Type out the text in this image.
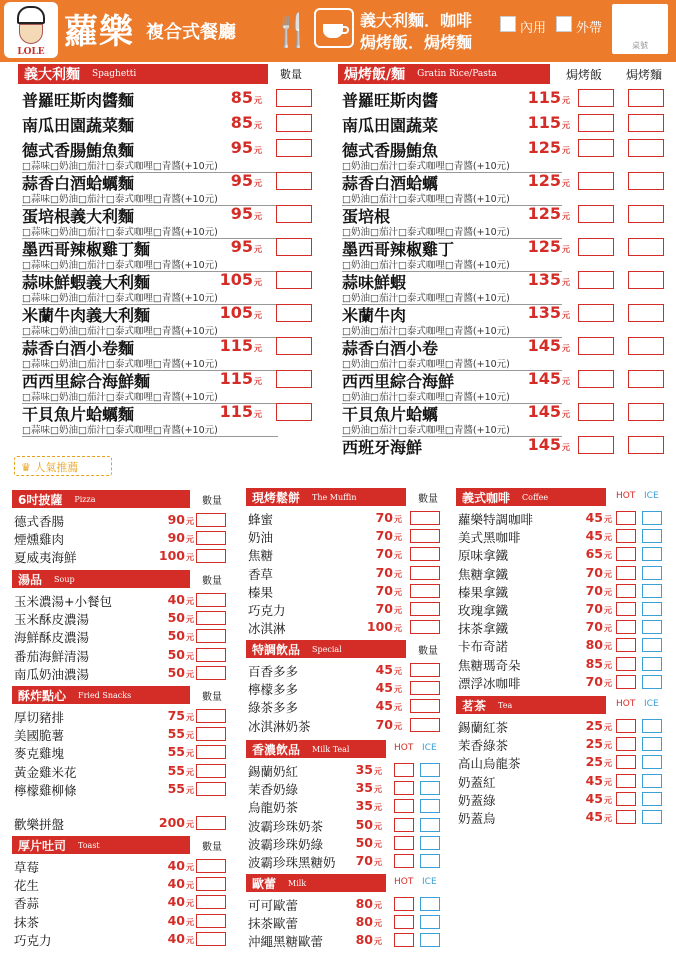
LOLE 蘿樂 複合式餐廳 🍴	義大利麵．咖啡
焗烤飯．焗烤麵
內用 外帶
桌號
義大利麵 Spaghetti	數量
普羅旺斯肉醬麵	85元
南瓜田園蔬菜麵	85元
德式香腸鮪魚麵	95元
□蒜味□奶油□茄汁□泰式咖哩□青醬(+10元)
蒜香白酒蛤蠣麵	95元
□蒜味□奶油□茄汁□泰式咖哩□青醬(+10元)
蛋培根義大利麵	95元
□蒜味□奶油□茄汁□泰式咖哩□青醬(+10元)
墨西哥辣椒雞丁麵	95元
□蒜味□奶油□茄汁□泰式咖哩□青醬(+10元)
蒜味鮮蝦義大利麵	105元
□蒜味□奶油□茄汁□泰式咖哩□青醬(+10元)
米蘭牛肉義大利麵	105元
□蒜味□奶油□茄汁□泰式咖哩□青醬(+10元)
蒜香白酒小卷麵	115元
□蒜味□奶油□茄汁□泰式咖哩□青醬(+10元)
西西里綜合海鮮麵	115元
□蒜味□奶油□茄汁□泰式咖哩□青醬(+10元)
干貝魚片蛤蠣麵	115元
□蒜味□奶油□茄汁□泰式咖哩□青醬(+10元)
焗烤飯/麵 Gratin Rice/Pasta	焗烤飯 焗烤麵
普羅旺斯肉醬	115元
南瓜田園蔬菜	115元
德式香腸鮪魚	125元
□奶油□茄汁□泰式咖哩□青醬(+10元)
蒜香白酒蛤蠣	125元
□奶油□茄汁□泰式咖哩□青醬(+10元)
蛋培根	125元
□奶油□茄汁□泰式咖哩□青醬(+10元)
墨西哥辣椒雞丁	125元
□奶油□茄汁□泰式咖哩□青醬(+10元)
蒜味鮮蝦	135元
□奶油□茄汁□泰式咖哩□青醬(+10元)
米蘭牛肉	135元
□奶油□茄汁□泰式咖哩□青醬(+10元)
蒜香白酒小卷	145元
□奶油□茄汁□泰式咖哩□青醬(+10元)
西西里綜合海鮮	145元
□奶油□茄汁□泰式咖哩□青醬(+10元)
干貝魚片蛤蠣	145元
□奶油□茄汁□泰式咖哩□青醬(+10元)
西班牙海鮮	145元
♛ 人氣推薦
6吋披薩 Pizza	數量
德式香腸	90元
煙燻雞肉	90元
夏威夷海鮮	100元
湯品 Soup	數量
玉米濃湯+小餐包	40元
玉米酥皮濃湯	50元
海鮮酥皮濃湯	50元
番茄海鮮清湯	50元
南瓜奶油濃湯	50元
酥炸點心 Fried Snacks	數量
厚切豬排	75元
美國脆薯	55元
麥克雞塊	55元
黃金雞米花	55元
檸檬雞柳條	55元
歡樂拼盤	200元
厚片吐司 Toast	數量
草莓	40元
花生	40元
香蒜	40元
抹茶	40元
巧克力	40元
現烤鬆餅 The Muffin	數量
蜂蜜	70元
奶油	70元
焦糖	70元
香草	70元
榛果	70元
巧克力	70元
冰淇淋	100元
特調飲品 Special	數量
百香多多	45元
檸檬多多	45元
綠茶多多	45元
冰淇淋奶茶	70元
香濃飲品 Milk Teal	HOT ICE
錫蘭奶紅	35元
茉香奶綠	35元
烏龍奶茶	35元
波霸珍珠奶茶	50元
波霸珍珠奶綠	50元
波霸珍珠黑糖奶	70元
歐蕾 Milk	HOT ICE
可可歐蕾	80元
抹茶歐蕾	80元
沖繩黑糖歐蕾	80元
義式咖啡 Coffee	HOT ICE
蘿樂特調咖啡	45元
美式黑咖啡	45元
原味拿鐵	65元
焦糖拿鐵	70元
榛果拿鐵	70元
玫瑰拿鐵	70元
抹茶拿鐵	70元
卡布奇諾	80元
焦糖瑪奇朵	85元
漂浮冰咖啡	70元
茗茶 Tea	HOT ICE
錫蘭紅茶	25元
茉香綠茶	25元
高山烏龍茶	25元
奶蓋紅	45元
奶蓋綠	45元
奶蓋烏	45元
